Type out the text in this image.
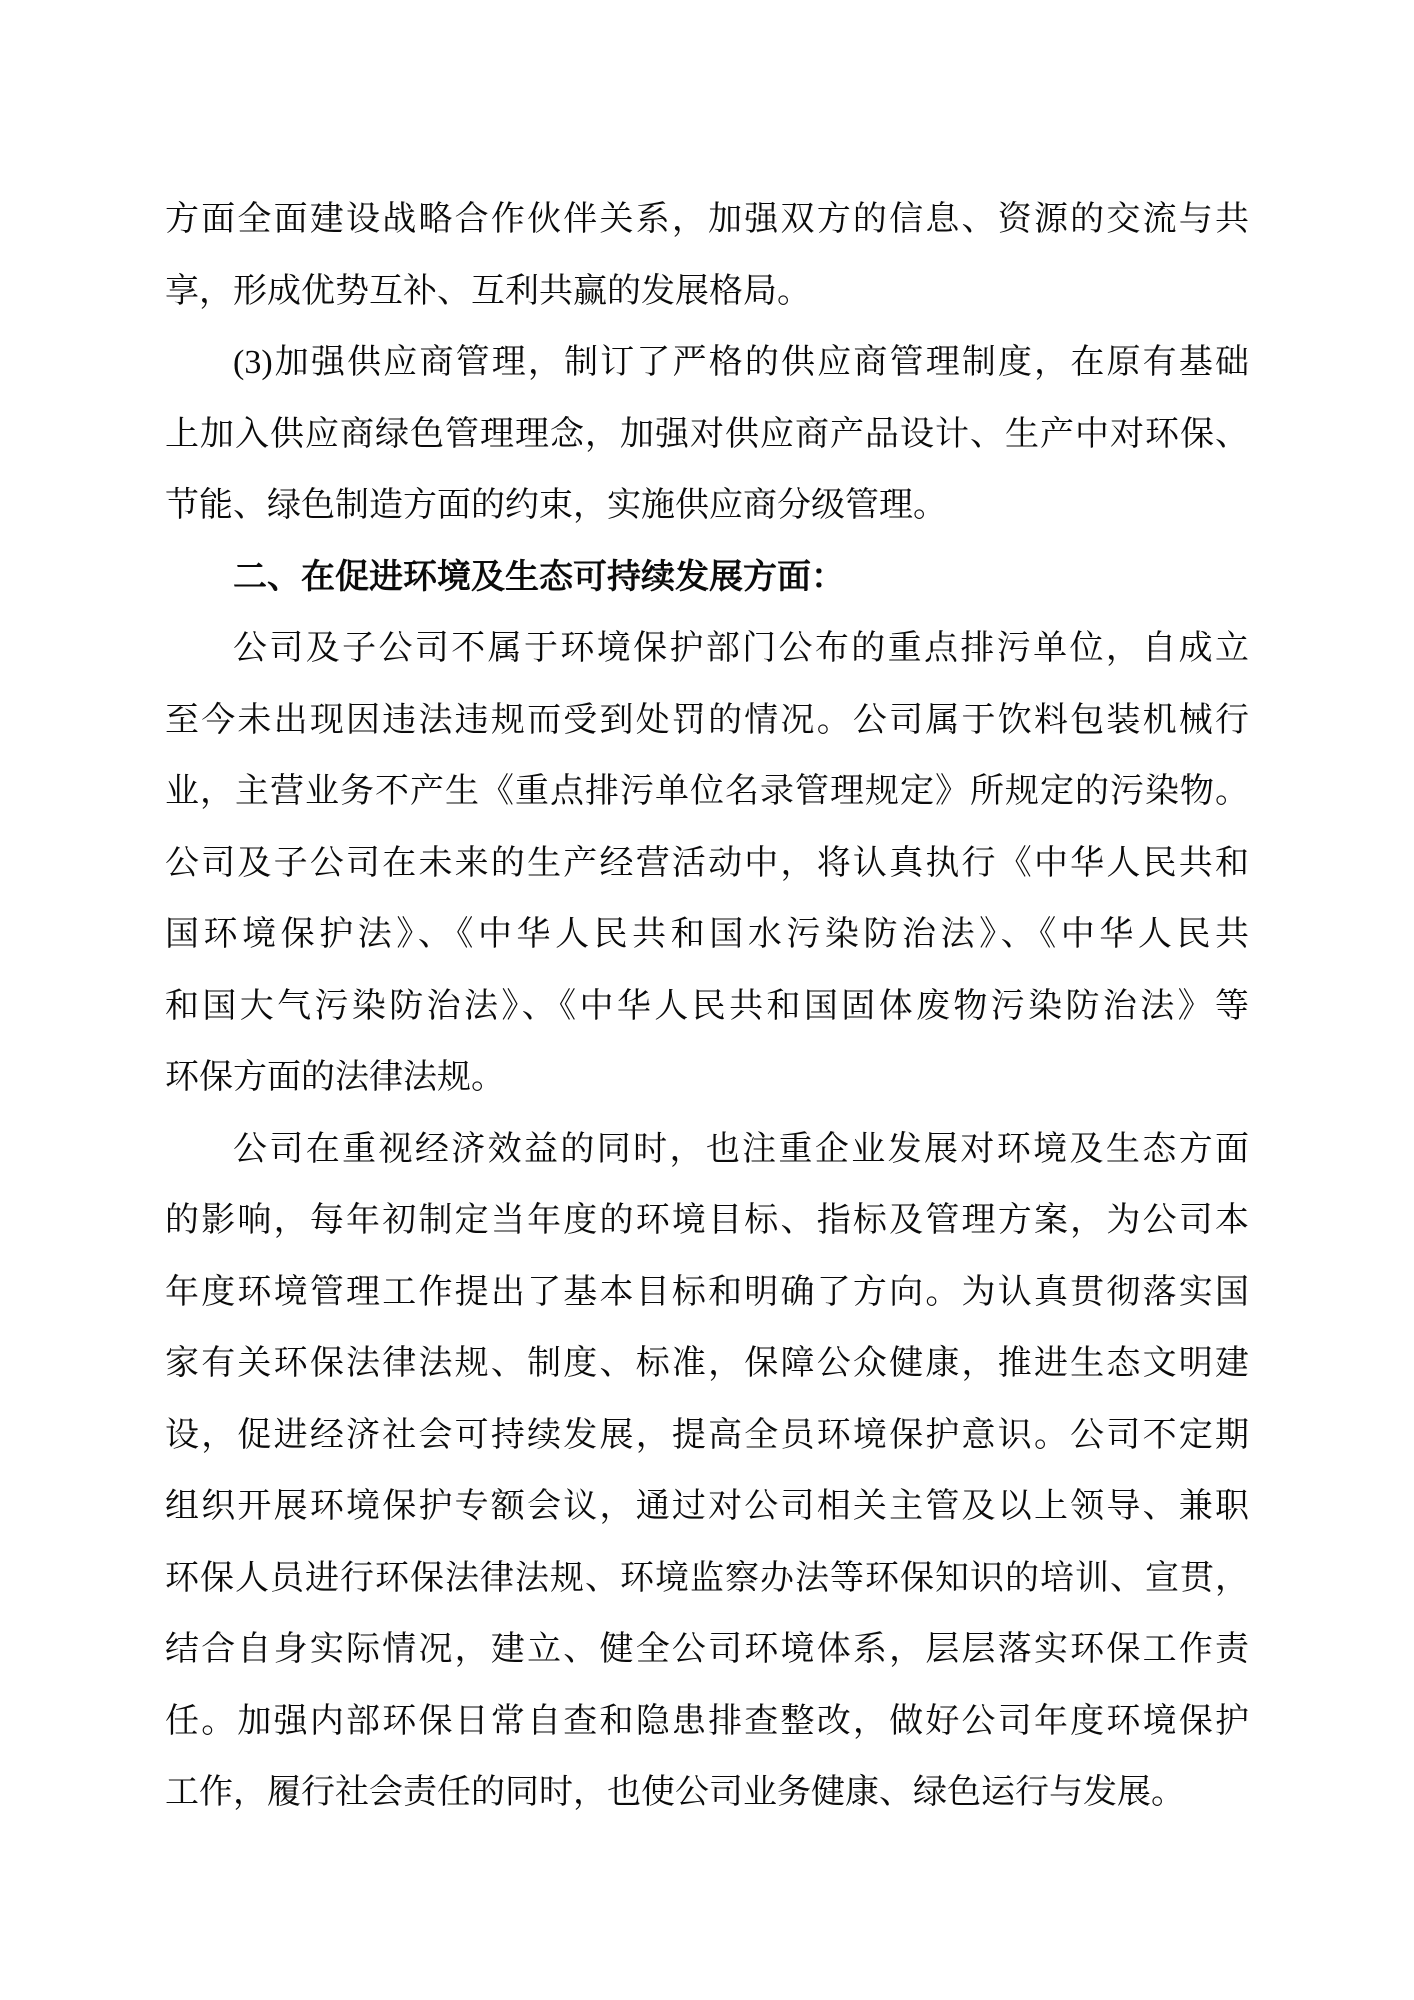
方面全面建设战略合作伙伴关系，加强双方的信息、资源的交流与共
享，形成优势互补、互利共赢的发展格局。
(3)加强供应商管理，制订了严格的供应商管理制度，在原有基础
上加入供应商绿色管理理念，加强对供应商产品设计、生产中对环保、
节能、绿色制造方面的约束，实施供应商分级管理。
二、在促进环境及生态可持续发展方面：
公司及子公司不属于环境保护部门公布的重点排污单位，自成立
至今未出现因违法违规而受到处罚的情况。公司属于饮料包装机械行
业，主营业务不产生《重点排污单位名录管理规定》所规定的污染物。
公司及子公司在未来的生产经营活动中，将认真执行《中华人民共和
国环境保护法》、《中华人民共和国水污染防治法》、《中华人民共
和国大气污染防治法》、《中华人民共和国固体废物污染防治法》等
环保方面的法律法规。
公司在重视经济效益的同时，也注重企业发展对环境及生态方面
的影响，每年初制定当年度的环境目标、指标及管理方案，为公司本
年度环境管理工作提出了基本目标和明确了方向。为认真贯彻落实国
家有关环保法律法规、制度、标准，保障公众健康，推进生态文明建
设，促进经济社会可持续发展，提高全员环境保护意识。公司不定期
组织开展环境保护专额会议，通过对公司相关主管及以上领导、兼职
环保人员进行环保法律法规、环境监察办法等环保知识的培训、宣贯，
结合自身实际情况，建立、健全公司环境体系，层层落实环保工作责
任。加强内部环保日常自查和隐患排查整改，做好公司年度环境保护
工作，履行社会责任的同时，也使公司业务健康、绿色运行与发展。
